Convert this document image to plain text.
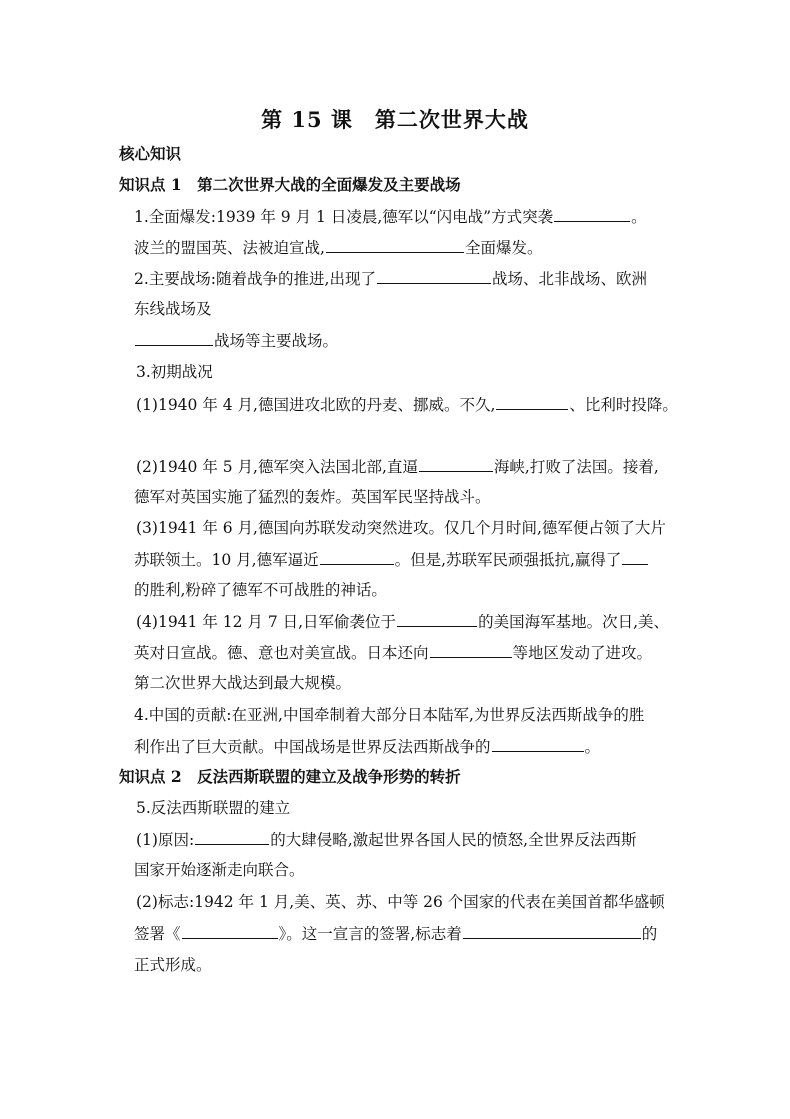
第 15 课 第二次世界大战
核心知识
知识点 1　第二次世界大战的全面爆发及主要战场
1.全面爆发:1939 年 9 月 1 日凌晨,德军以“闪电战”方式突袭	。
波兰的盟国英、法被迫宣战,	全面爆发。
2.主要战场:随着战争的推进,出现了	战场、北非战场、欧洲
东线战场及
战场等主要战场。
3.初期战况
(1)1940 年 4 月,德国进攻北欧的丹麦、挪威。不久,	、比利时投降。
(2)1940 年 5 月,德军突入法国北部,直逼	海峡,打败了法国。接着,
德军对英国实施了猛烈的轰炸。英国军民坚持战斗。
(3)1941 年 6 月,德国向苏联发动突然进攻。仅几个月时间,德军便占领了大片
苏联领土。10 月,德军逼近	。但是,苏联军民顽强抵抗,赢得了
的胜利,粉碎了德军不可战胜的神话。
(4)1941 年 12 月 7 日,日军偷袭位于	的美国海军基地。次日,美、
英对日宣战。德、意也对美宣战。日本还向	等地区发动了进攻。
第二次世界大战达到最大规模。
4.中国的贡献:在亚洲,中国牵制着大部分日本陆军,为世界反法西斯战争的胜
利作出了巨大贡献。中国战场是世界反法西斯战争的	。
知识点 2　反法西斯联盟的建立及战争形势的转折
5.反法西斯联盟的建立
(1)原因:	的大肆侵略,激起世界各国人民的愤怒,全世界反法西斯
国家开始逐渐走向联合。
(2)标志:1942 年 1 月,美、英、苏、中等 26 个国家的代表在美国首都华盛顿
签署《	》。这一宣言的签署,标志着	的
正式形成。
